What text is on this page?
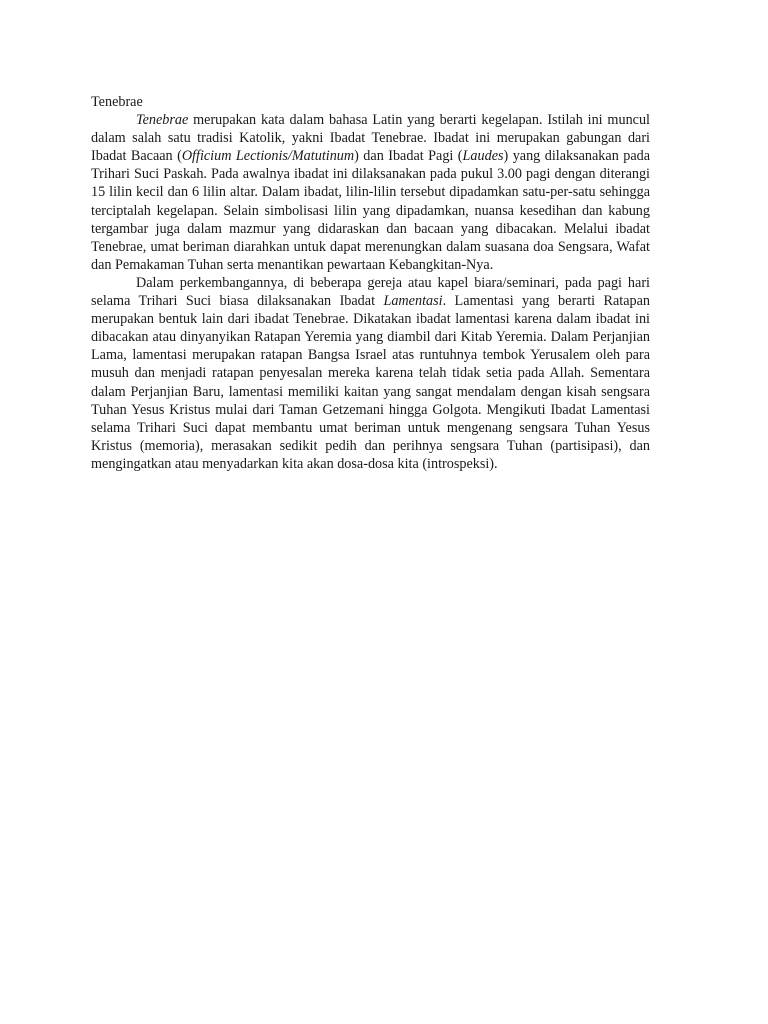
Tenebrae

Tenebrae merupakan kata dalam bahasa Latin yang berarti kegelapan. Istilah ini muncul dalam salah satu tradisi Katolik, yakni Ibadat Tenebrae. Ibadat ini merupakan gabungan dari Ibadat Bacaan (Officium Lectionis/Matutinum) dan Ibadat Pagi (Laudes) yang dilaksanakan pada Trihari Suci Paskah. Pada awalnya ibadat ini dilaksanakan pada pukul 3.00 pagi dengan diterangi 15 lilin kecil dan 6 lilin altar. Dalam ibadat, lilin-lilin tersebut dipadamkan satu-per-satu sehingga terciptalah kegelapan. Selain simbolisasi lilin yang dipadamkan, nuansa kesedihan dan kabung tergambar juga dalam mazmur yang didaraskan dan bacaan yang dibacakan. Melalui ibadat Tenebrae, umat beriman diarahkan untuk dapat merenungkan dalam suasana doa Sengsara, Wafat dan Pemakaman Tuhan serta menantikan pewartaan Kebangkitan-Nya.

Dalam perkembangannya, di beberapa gereja atau kapel biara/seminari, pada pagi hari selama Trihari Suci biasa dilaksanakan Ibadat Lamentasi. Lamentasi yang berarti Ratapan merupakan bentuk lain dari ibadat Tenebrae. Dikatakan ibadat lamentasi karena dalam ibadat ini dibacakan atau dinyanyikan Ratapan Yeremia yang diambil dari Kitab Yeremia. Dalam Perjanjian Lama, lamentasi merupakan ratapan Bangsa Israel atas runtuhnya tembok Yerusalem oleh para musuh dan menjadi ratapan penyesalan mereka karena telah tidak setia pada Allah. Sementara dalam Perjanjian Baru, lamentasi memiliki kaitan yang sangat mendalam dengan kisah sengsara Tuhan Yesus Kristus mulai dari Taman Getzemani hingga Golgota. Mengikuti Ibadat Lamentasi selama Trihari Suci dapat membantu umat beriman untuk mengenang sengsara Tuhan Yesus Kristus (memoria), merasakan sedikit pedih dan perihnya sengsara Tuhan (partisipasi), dan mengingatkan atau menyadarkan kita akan dosa-dosa kita (introspeksi).
